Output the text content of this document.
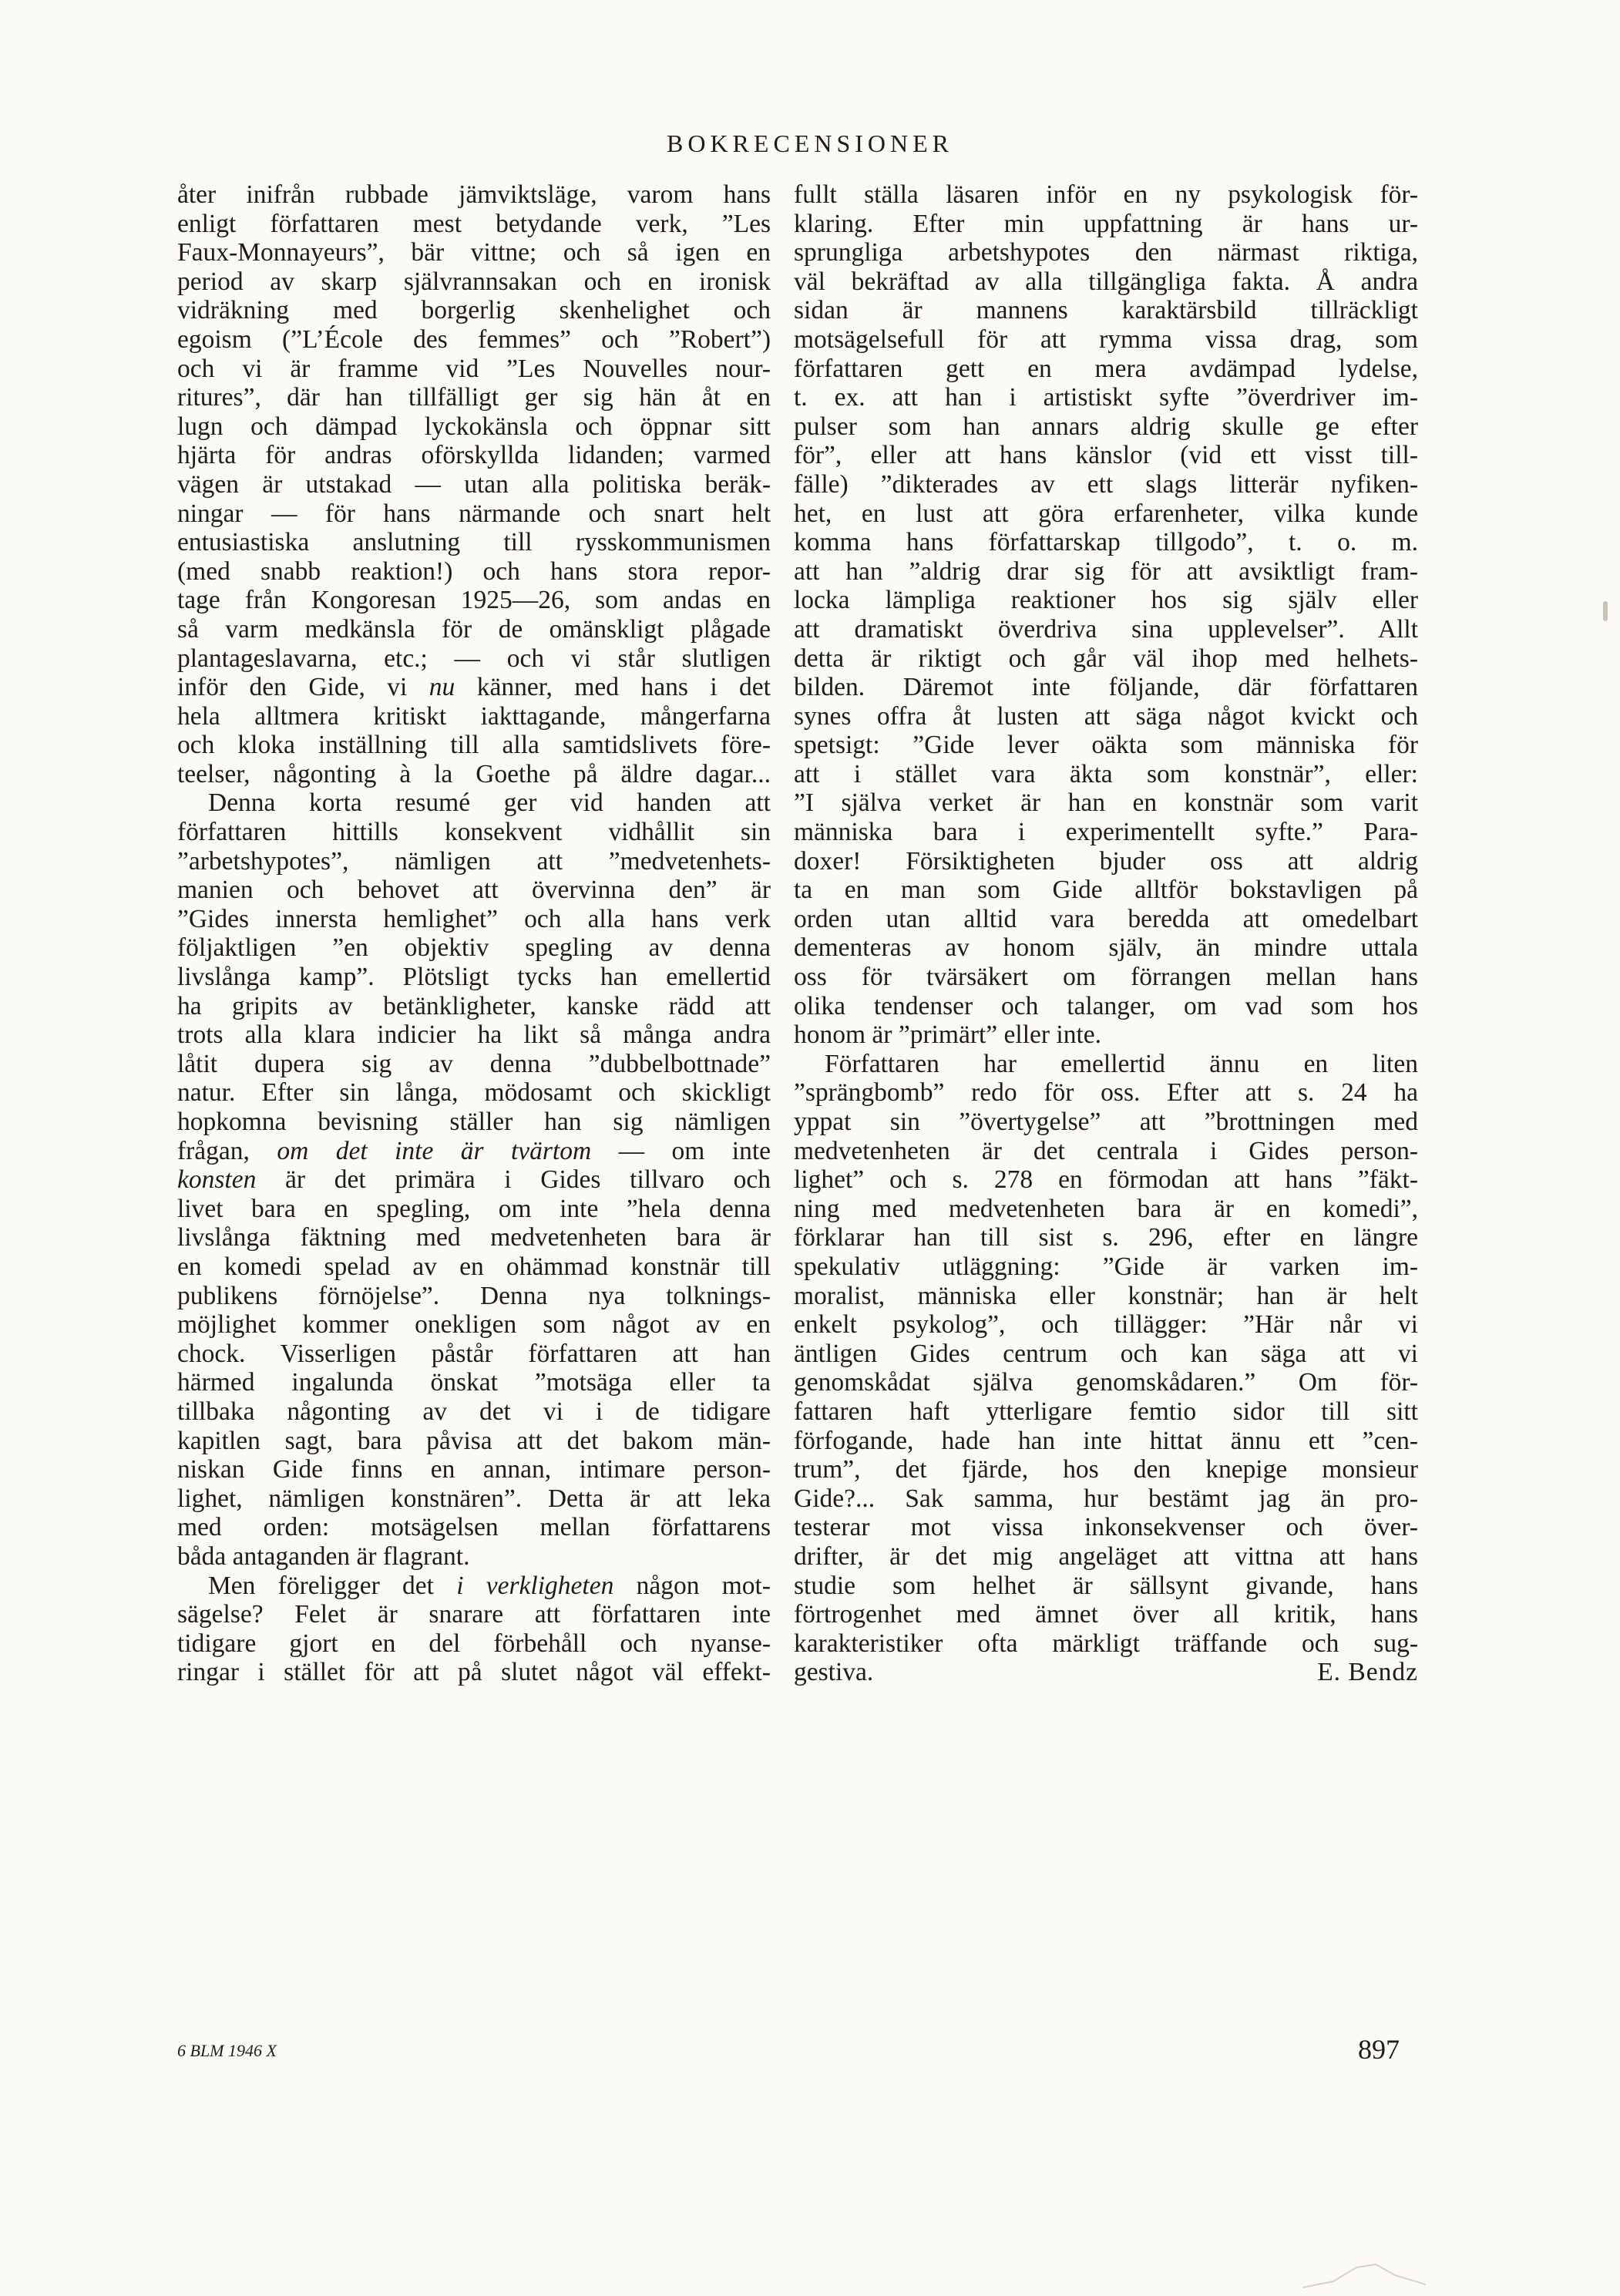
BOKRECENSIONER
åter inifrån rubbade jämviktsläge, varom hans
enligt författaren mest betydande verk, ”Les
Faux-Monnayeurs”, bär vittne; och så igen en
period av skarp självrannsakan och en ironisk
vidräkning med borgerlig skenhelighet och
egoism (”L’École des femmes” och ”Robert”)
och vi är framme vid ”Les Nouvelles nour-
ritures”, där han tillfälligt ger sig hän åt en
lugn och dämpad lyckokänsla och öppnar sitt
hjärta för andras oförskyllda lidanden; varmed
vägen är utstakad — utan alla politiska beräk-
ningar — för hans närmande och snart helt
entusiastiska anslutning till rysskommunismen
(med snabb reaktion!) och hans stora repor-
tage från Kongoresan 1925—26, som andas en
så varm medkänsla för de omänskligt plågade
plantageslavarna, etc.; — och vi står slutligen
inför den Gide, vi nu känner, med hans i det
hela alltmera kritiskt iakttagande, mångerfarna
och kloka inställning till alla samtidslivets före-
teelser, någonting à la Goethe på äldre dagar...
Denna korta resumé ger vid handen att
författaren hittills konsekvent vidhållit sin
”arbetshypotes”, nämligen att ”medvetenhets-
manien och behovet att övervinna den” är
”Gides innersta hemlighet” och alla hans verk
följaktligen ”en objektiv spegling av denna
livslånga kamp”. Plötsligt tycks han emellertid
ha gripits av betänkligheter, kanske rädd att
trots alla klara indicier ha likt så många andra
låtit dupera sig av denna ”dubbelbottnade”
natur. Efter sin långa, mödosamt och skickligt
hopkomna bevisning ställer han sig nämligen
frågan, om det inte är tvärtom — om inte
konsten är det primära i Gides tillvaro och
livet bara en spegling, om inte ”hela denna
livslånga fäktning med medvetenheten bara är
en komedi spelad av en ohämmad konstnär till
publikens förnöjelse”. Denna nya tolknings-
möjlighet kommer onekligen som något av en
chock. Visserligen påstår författaren att han
härmed ingalunda önskat ”motsäga eller ta
tillbaka någonting av det vi i de tidigare
kapitlen sagt, bara påvisa att det bakom män-
niskan Gide finns en annan, intimare person-
lighet, nämligen konstnären”. Detta är att leka
med orden: motsägelsen mellan författarens
båda antaganden är flagrant.
Men föreligger det i verkligheten någon mot-
sägelse? Felet är snarare att författaren inte
tidigare gjort en del förbehåll och nyanse-
ringar i stället för att på slutet något väl effekt-
fullt ställa läsaren inför en ny psykologisk för-
klaring. Efter min uppfattning är hans ur-
sprungliga arbetshypotes den närmast riktiga,
väl bekräftad av alla tillgängliga fakta. Å andra
sidan är mannens karaktärsbild tillräckligt
motsägelsefull för att rymma vissa drag, som
författaren gett en mera avdämpad lydelse,
t. ex. att han i artistiskt syfte ”överdriver im-
pulser som han annars aldrig skulle ge efter
för”, eller att hans känslor (vid ett visst till-
fälle) ”dikterades av ett slags litterär nyfiken-
het, en lust att göra erfarenheter, vilka kunde
komma hans författarskap tillgodo”, t. o. m.
att han ”aldrig drar sig för att avsiktligt fram-
locka lämpliga reaktioner hos sig själv eller
att dramatiskt överdriva sina upplevelser”. Allt
detta är riktigt och går väl ihop med helhets-
bilden. Däremot inte följande, där författaren
synes offra åt lusten att säga något kvickt och
spetsigt: ”Gide lever oäkta som människa för
att i stället vara äkta som konstnär”, eller:
”I själva verket är han en konstnär som varit
människa bara i experimentellt syfte.” Para-
doxer! Försiktigheten bjuder oss att aldrig
ta en man som Gide alltför bokstavligen på
orden utan alltid vara beredda att omedelbart
dementeras av honom själv, än mindre uttala
oss för tvärsäkert om förrangen mellan hans
olika tendenser och talanger, om vad som hos
honom är ”primärt” eller inte.
Författaren har emellertid ännu en liten
”sprängbomb” redo för oss. Efter att s. 24 ha
yppat sin ”övertygelse” att ”brottningen med
medvetenheten är det centrala i Gides person-
lighet” och s. 278 en förmodan att hans ”fäkt-
ning med medvetenheten bara är en komedi”,
förklarar han till sist s. 296, efter en längre
spekulativ utläggning: ”Gide är varken im-
moralist, människa eller konstnär; han är helt
enkelt psykolog”, och tillägger: ”Här når vi
äntligen Gides centrum och kan säga att vi
genomskådat själva genomskådaren.” Om för-
fattaren haft ytterligare femtio sidor till sitt
förfogande, hade han inte hittat ännu ett ”cen-
trum”, det fjärde, hos den knepige monsieur
Gide?... Sak samma, hur bestämt jag än pro-
testerar mot vissa inkonsekvenser och över-
drifter, är det mig angeläget att vittna att hans
studie som helhet är sällsynt givande, hans
förtrogenhet med ämnet över all kritik, hans
karakteristiker ofta märkligt träffande och sug-
gestiva.	E. Bendz
6 BLM 1946 X	897
